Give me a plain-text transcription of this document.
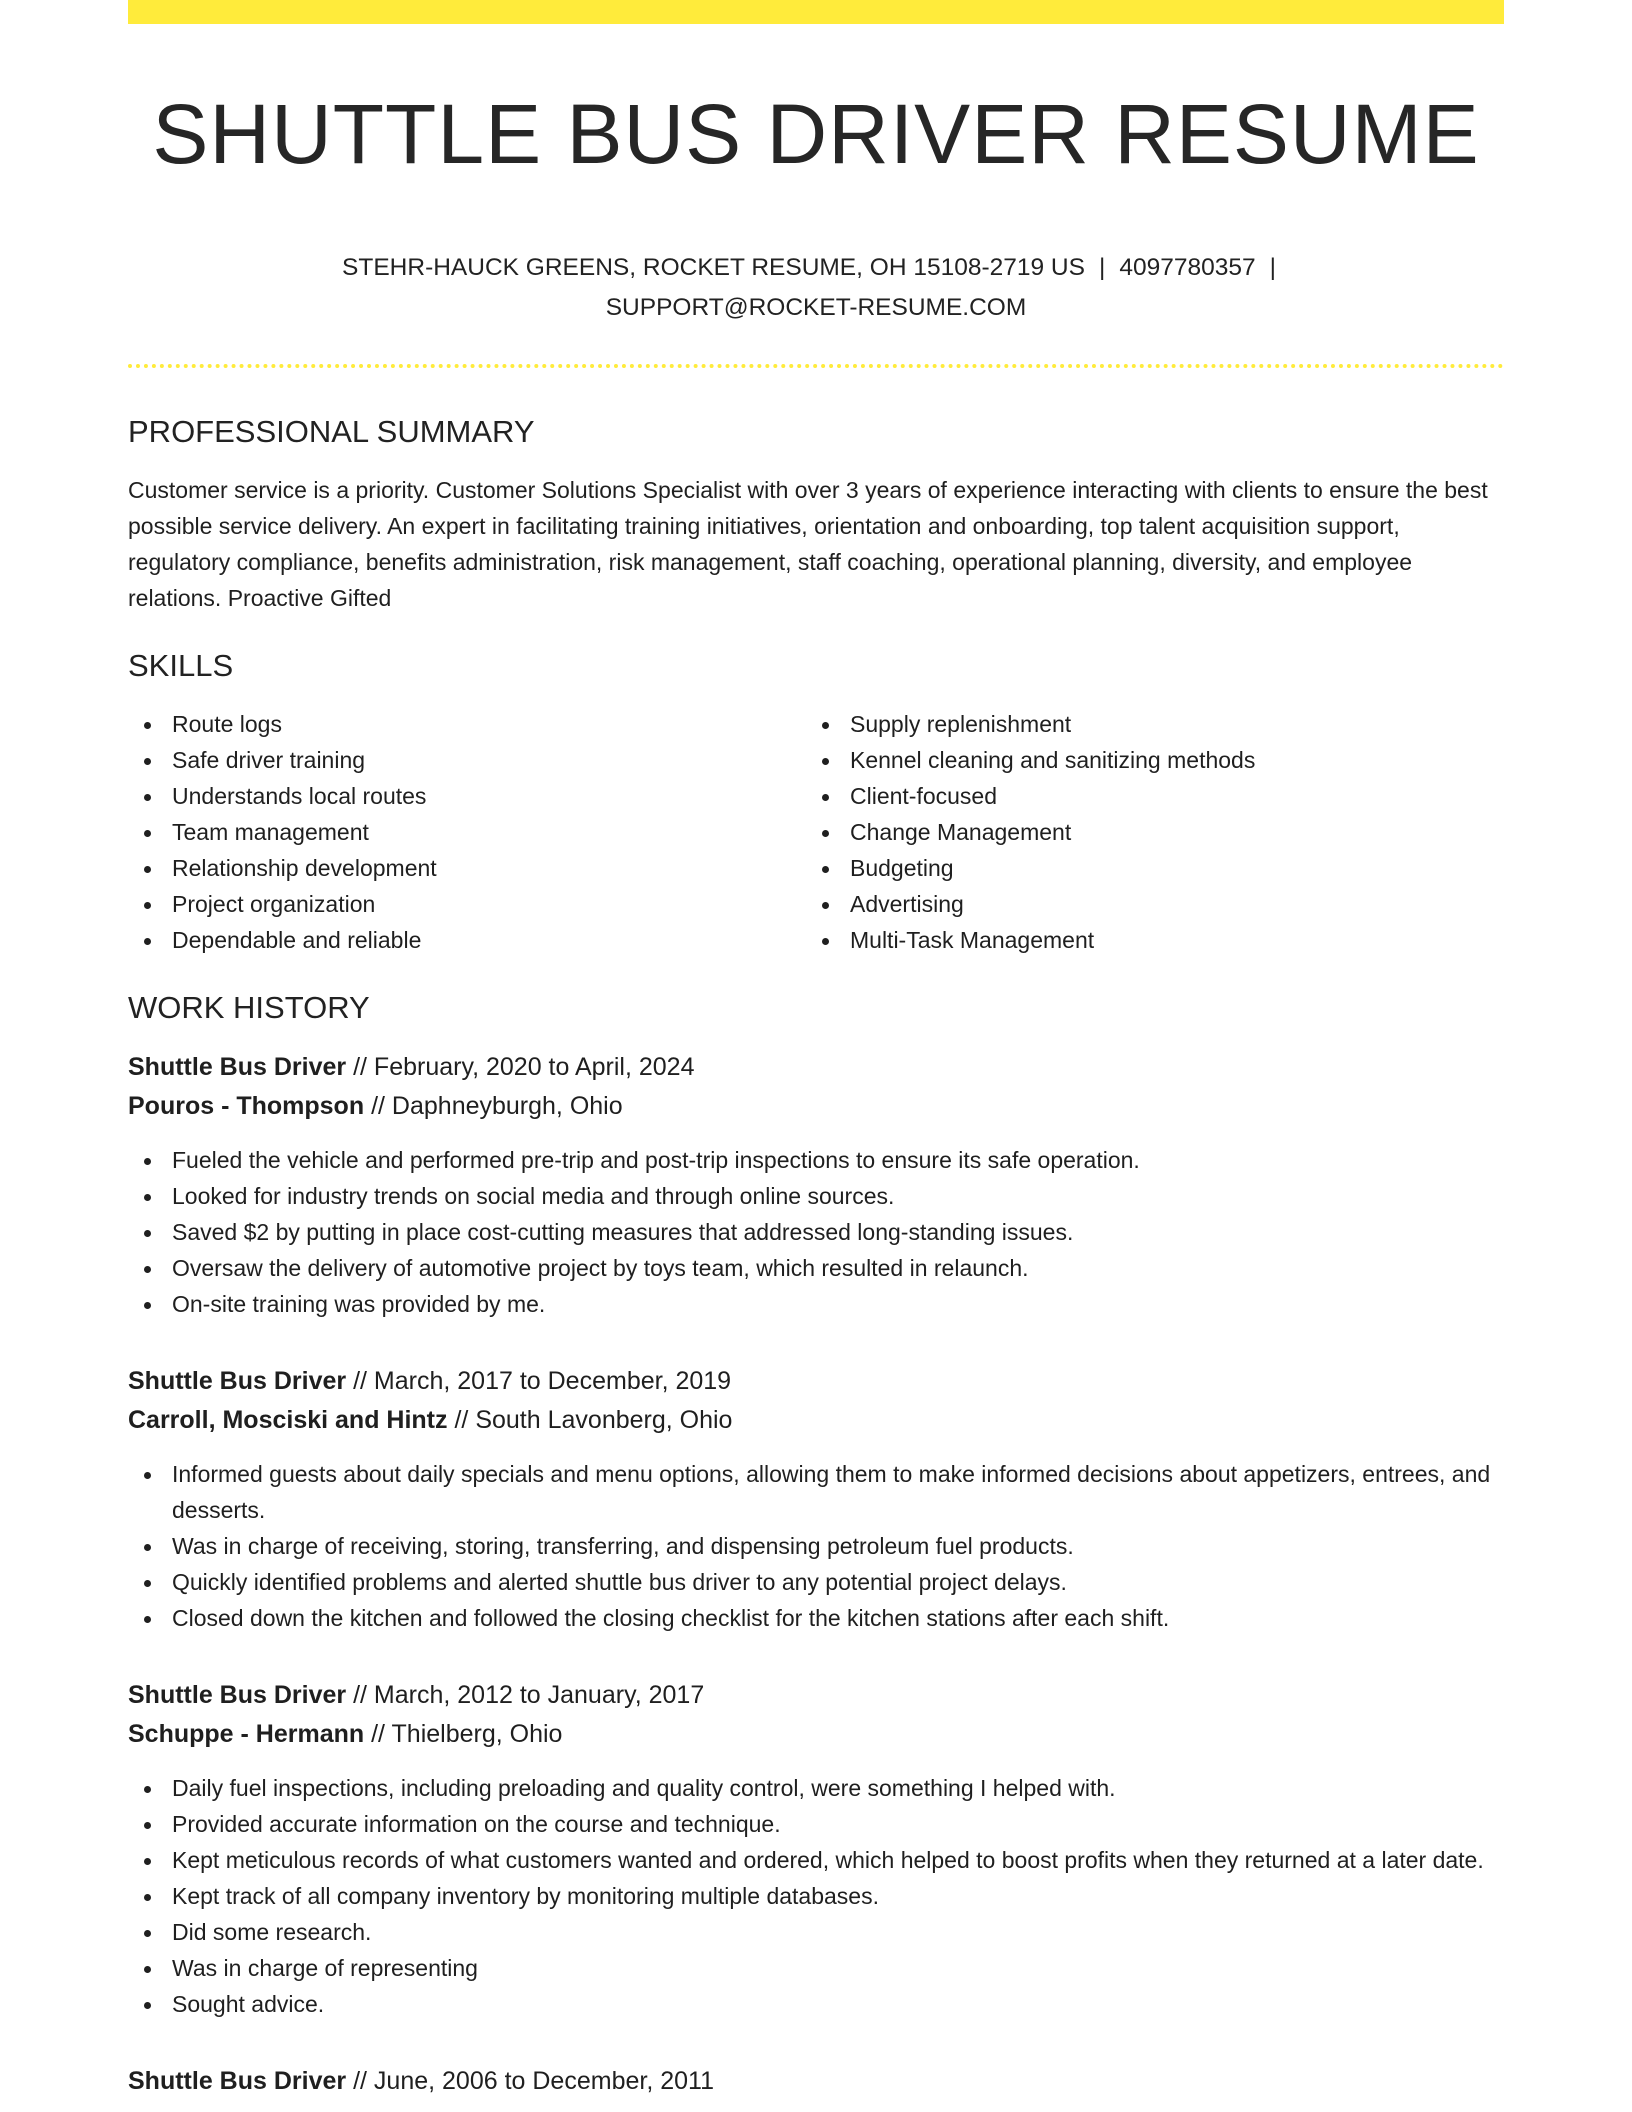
SHUTTLE BUS DRIVER RESUME
STEHR-HAUCK GREENS, ROCKET RESUME, OH 15108-2719 US | 4097780357 |
SUPPORT@ROCKET-RESUME.COM
PROFESSIONAL SUMMARY

Customer service is a priority. Customer Solutions Specialist with over 3 years of experience interacting with clients to ensure the best possible service delivery. An expert in facilitating training initiatives, orientation and onboarding, top talent acquisition support, regulatory compliance, benefits administration, risk management, staff coaching, operational planning, diversity, and employee relations. Proactive Gifted

SKILLS
Route logs
Safe driver training
Understands local routes
Team management
Relationship development
Project organization
Dependable and reliable
Supply replenishment
Kennel cleaning and sanitizing methods
Client-focused
Change Management
Budgeting
Advertising
Multi-Task Management
WORK HISTORY
Shuttle Bus Driver // February, 2020 to April, 2024
Pouros - Thompson // Daphneyburgh, Ohio
Fueled the vehicle and performed pre-trip and post-trip inspections to ensure its safe operation.
Looked for industry trends on social media and through online sources.
Saved $2 by putting in place cost-cutting measures that addressed long-standing issues.
Oversaw the delivery of automotive project by toys team, which resulted in relaunch.
On-site training was provided by me.
Shuttle Bus Driver // March, 2017 to December, 2019
Carroll, Mosciski and Hintz // South Lavonberg, Ohio
Informed guests about daily specials and menu options, allowing them to make informed decisions about appetizers, entrees, and desserts.
Was in charge of receiving, storing, transferring, and dispensing petroleum fuel products.
Quickly identified problems and alerted shuttle bus driver to any potential project delays.
Closed down the kitchen and followed the closing checklist for the kitchen stations after each shift.
Shuttle Bus Driver // March, 2012 to January, 2017
Schuppe - Hermann // Thielberg, Ohio
Daily fuel inspections, including preloading and quality control, were something I helped with.
Provided accurate information on the course and technique.
Kept meticulous records of what customers wanted and ordered, which helped to boost profits when they returned at a later date.
Kept track of all company inventory by monitoring multiple databases.
Did some research.
Was in charge of representing
Sought advice.
Shuttle Bus Driver // June, 2006 to December, 2011
